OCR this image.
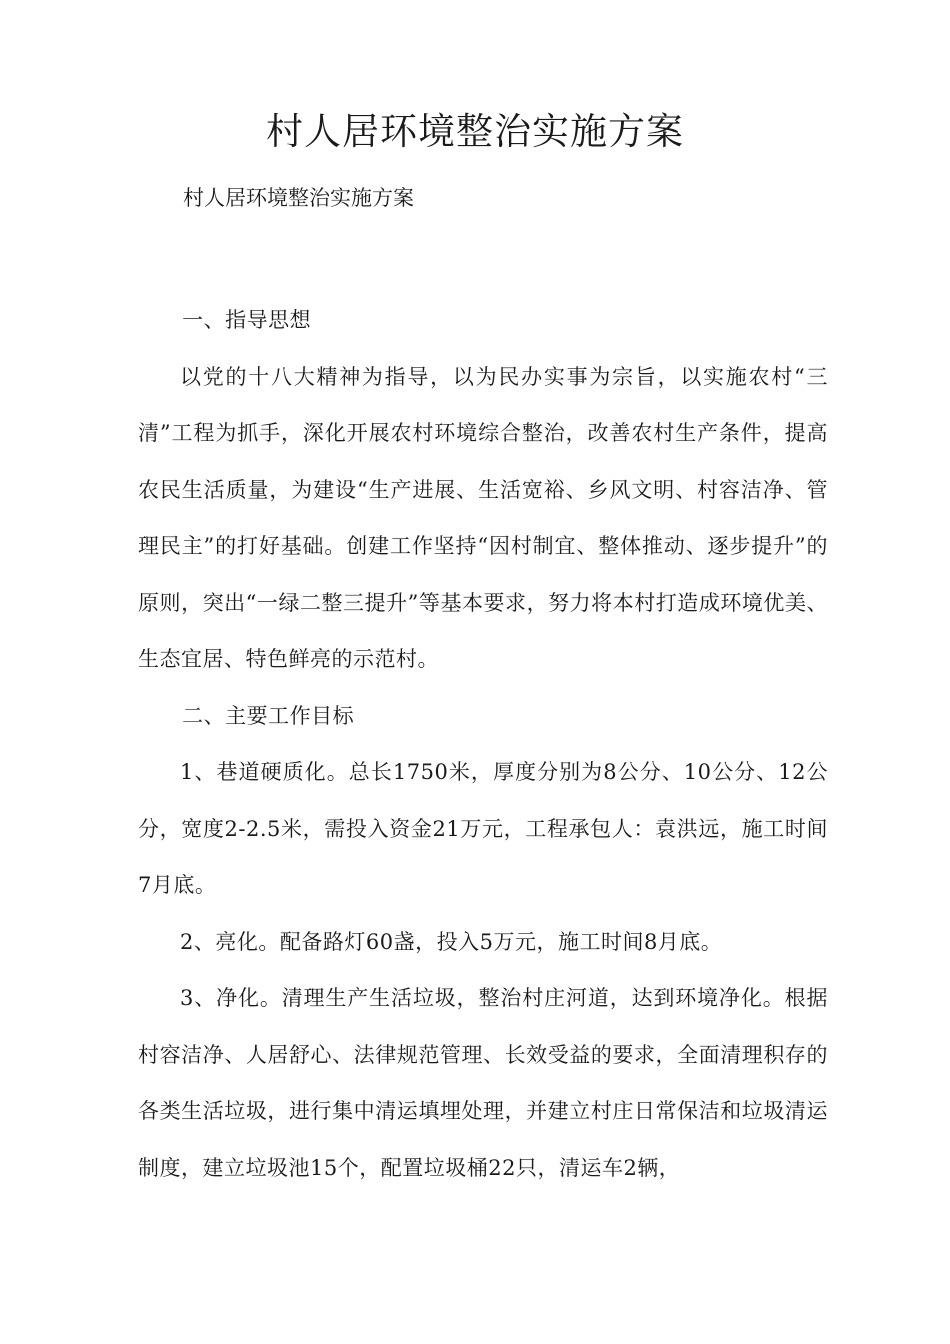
村人居环境整治实施方案

村人居环境整治实施方案

一、指导思想

以党的十八大精神为指导，以为民办实事为宗旨，以实施农村“三清”工程为抓手，深化开展农村环境综合整治，改善农村生产条件，提高农民生活质量，为建设“生产进展、生活宽裕、乡风文明、村容洁净、管理民主”的打好基础。创建工作坚持“因村制宜、整体推动、逐步提升”的原则，突出“一绿二整三提升”等基本要求，努力将本村打造成环境优美、生态宜居、特色鲜亮的示范村。

二、主要工作目标

1、巷道硬质化。总长1750米，厚度分别为8公分、10公分、12公分，宽度2-2.5米，需投入资金21万元，工程承包人：袁洪远，施工时间7月底。

2、亮化。配备路灯60盏，投入5万元，施工时间8月底。

3、净化。清理生产生活垃圾，整治村庄河道，达到环境净化。根据村容洁净、人居舒心、法律规范管理、长效受益的要求，全面清理积存的各类生活垃圾，进行集中清运填埋处理，并建立村庄日常保洁和垃圾清运制度，建立垃圾池15个，配置垃圾桶22只，清运车2辆，
